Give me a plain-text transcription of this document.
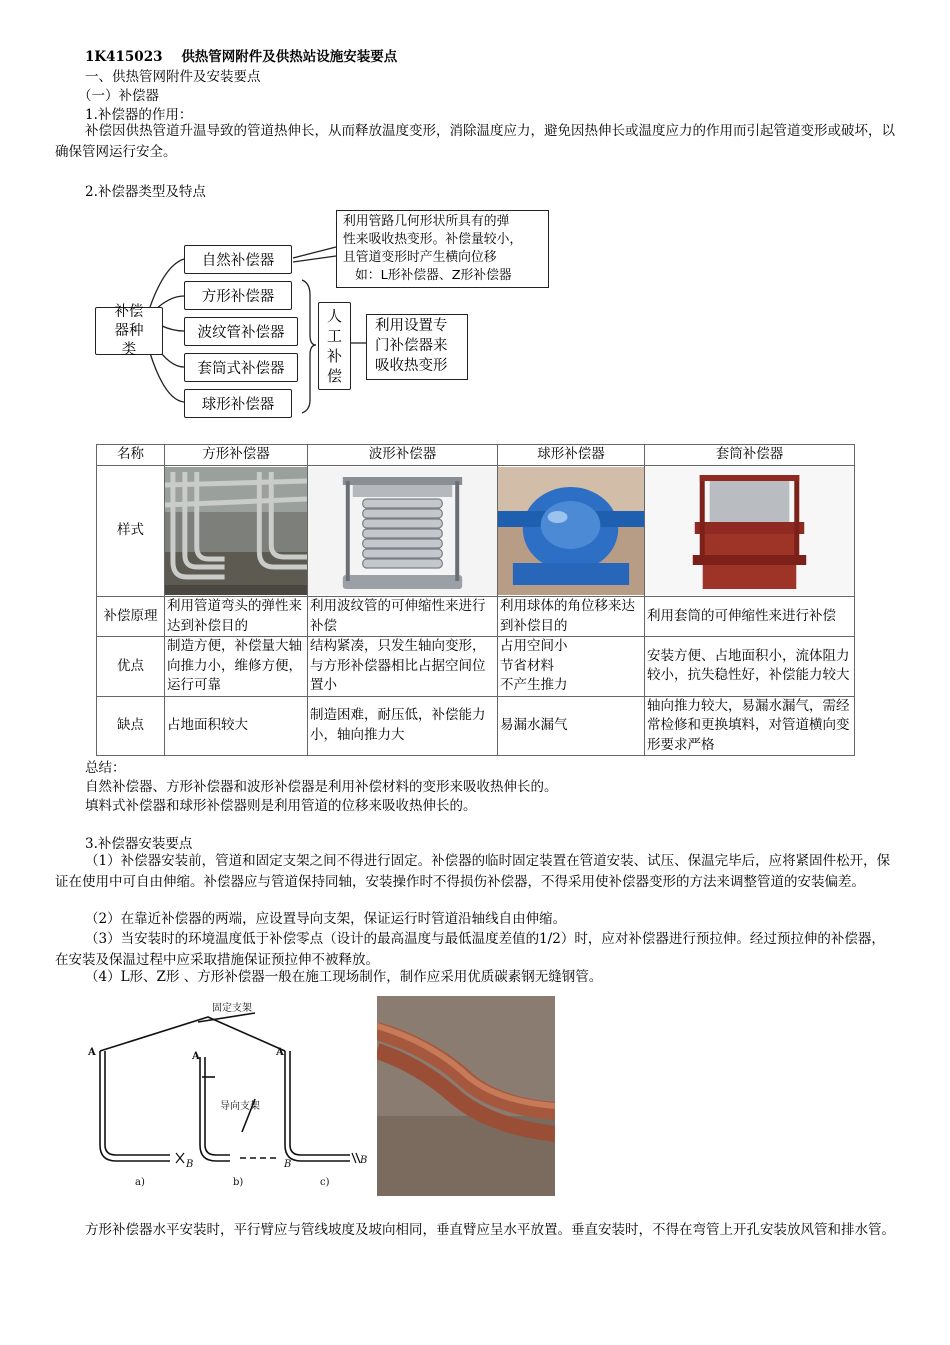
1K415023 供热管网附件及供热站设施安装要点
一、供热管网附件及安装要点
（一）补偿器
1.补偿器的作用：
补偿因供热管道升温导致的管道热伸长，从而释放温度变形，消除温度应力，避免因热伸长或温度应力的作用而引起管道变形或破坏，以确保管网运行安全。
2.补偿器类型及特点
补偿器种类
自然补偿器
方形补偿器
波纹管补偿器
套筒式补偿器
球形补偿器
利用管路几何形状所具有的弹
性来吸收热变形。补偿量较小，
且管道变形时产生横向位移
如：L形补偿器、Z形补偿器
人工补偿
利用设置专
门补偿器来
吸收热变形
名称	方形补偿器	波形补偿器	球形补偿器	套筒补偿器
样式	

补偿原理	利用管道弯头的弹性来达到补偿目的	利用波纹管的可伸缩性来进行补偿	利用球体的角位移来达到补偿目的	利用套筒的可伸缩性来进行补偿
优点	制造方便，补偿量大轴向推力小，维修方便，运行可靠	结构紧凑，只发生轴向变形，与方形补偿器相比占据空间位置小	占用空间小
节省材料
不产生推力	安装方便、占地面积小，流体阻力较小，抗失稳性好，补偿能力较大
缺点	占地面积较大	制造困难，耐压低，补偿能力小，轴向推力大	易漏水漏气	轴向推力较大，易漏水漏气，需经常检修和更换填料，对管道横向变形要求严格
总结：
自然补偿器、方形补偿器和波形补偿器是利用补偿材料的变形来吸收热伸长的。
填料式补偿器和球形补偿器则是利用管道的位移来吸收热伸长的。
3.补偿器安装要点
（1）补偿器安装前，管道和固定支架之间不得进行固定。补偿器的临时固定装置在管道安装、试压、保温完毕后，应将紧固件松开，保证在使用中可自由伸缩。补偿器应与管道保持同轴，安装操作时不得损伤补偿器，不得采用使补偿器变形的方法来调整管道的安装偏差。
（2）在靠近补偿器的两端，应设置导向支架，保证运行时管道沿轴线自由伸缩。
（3）当安装时的环境温度低于补偿零点（设计的最高温度与最低温度差值的1/2）时，应对补偿器进行预拉伸。经过预拉伸的补偿器，在安装及保温过程中应采取措施保证预拉伸不被释放。
（4）L形、Z形 、方形补偿器一般在施工现场制作，制作应采用优质碳素钢无缝钢管。
固定支架
导向支架
A	A	A
B	B	B
a)	b)	c)
方形补偿器水平安装时，平行臂应与管线坡度及坡向相同，垂直臂应呈水平放置。垂直安装时，不得在弯管上开孔安装放风管和排水管。
